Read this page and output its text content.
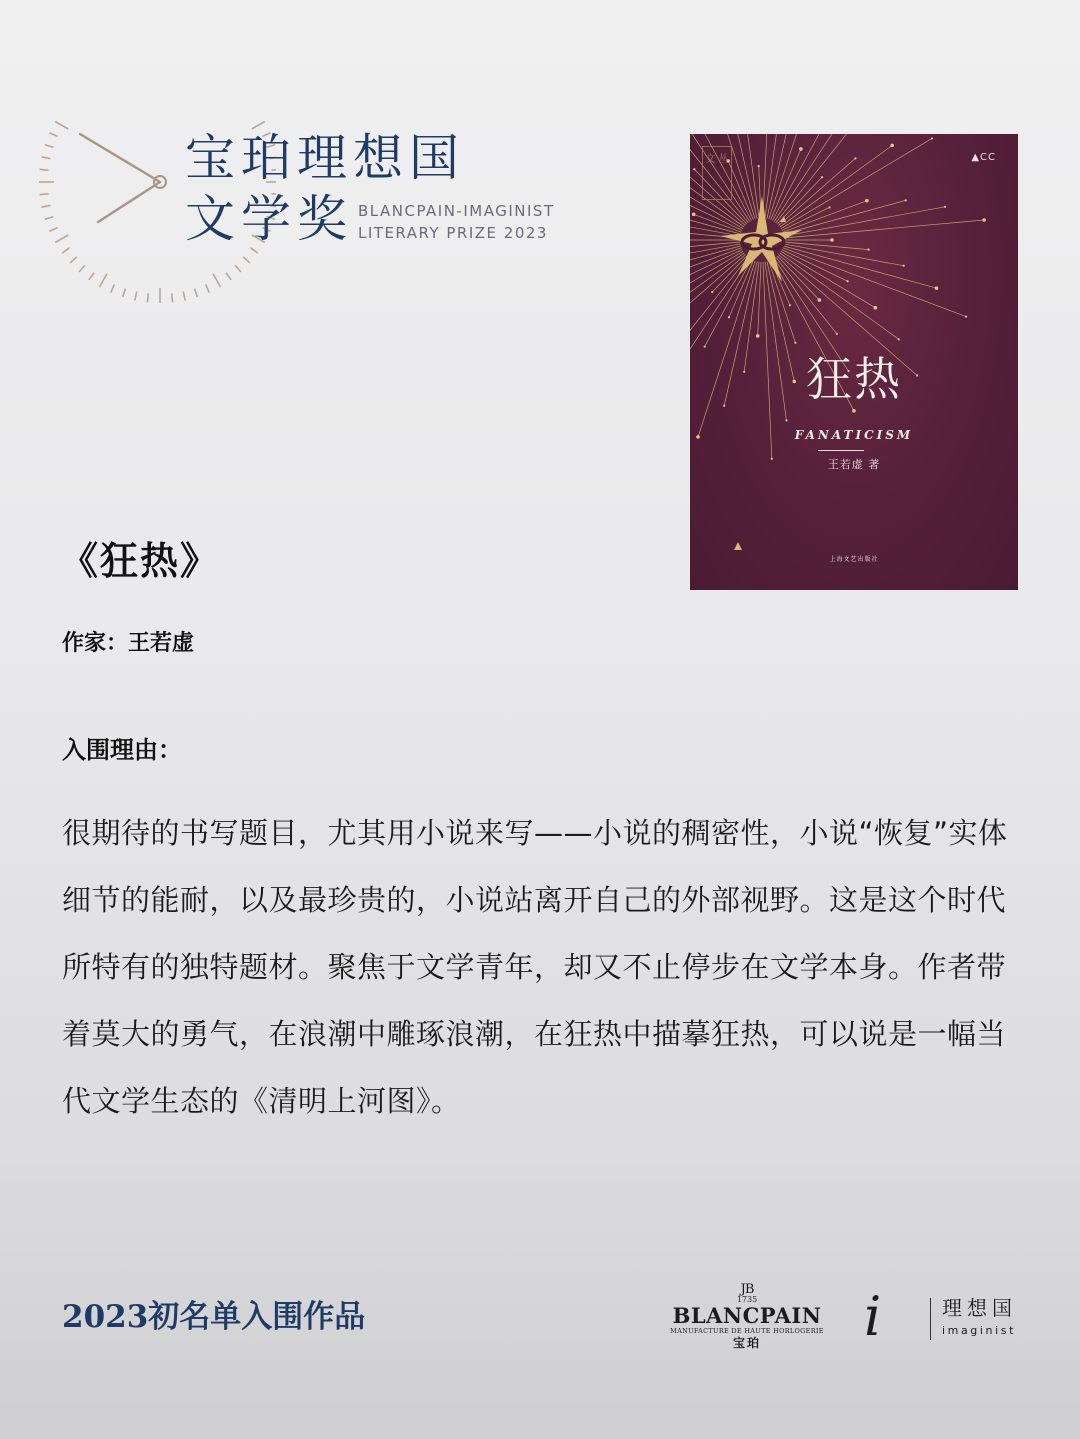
宝珀理想国
文学奖 BLANCPAIN-IMAGINIST
LITERARY PRIZE 2023
文 丛	▲CC
狂热
FANATICISM
王若虚 著
上海文艺出版社
《狂热》
作家：王若虚
入围理由：

很期待的书写题目，尤其用小说来写——小说的稠密性，小说“恢复”实体细节的能耐，以及最珍贵的，小说站离开自己的外部视野。这是这个时代所特有的独特题材。聚焦于文学青年，却又不止停步在文学本身。作者带着莫大的勇气，在浪潮中雕琢浪潮，在狂热中描摹狂热，可以说是一幅当代文学生态的《清明上河图》。

2023初名单入围作品
JB
1735
BLANCPAIN
MANUFACTURE DE HAUTE HORLOGERIE
宝珀	i	理想国
imaginist
